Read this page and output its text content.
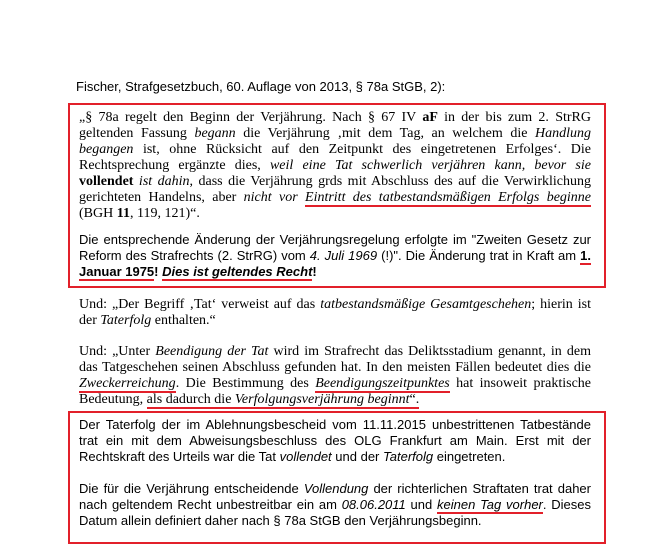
Fischer, Strafgesetzbuch, 60. Auflage von 2013, § 78a StGB, 2):
„§ 78a regelt den Beginn der Verjährung. Nach § 67 IV aF in der bis zum 2. StrRG geltenden Fassung begann die Verjährung ‚mit dem Tag, an welchem die Handlung begangen ist, ohne Rücksicht auf den Zeitpunkt des eingetretenen Erfolges‘. Die Rechtsprechung ergänzte dies, weil eine Tat schwerlich verjähren kann, bevor sie vollendet ist dahin, dass die Verjährung grds mit Abschluss des auf die Verwirklichung gerichteten Handelns, aber nicht vor Eintritt des tatbestandsmäßigen Erfolgs beginne (BGH 11, 119, 121)“.
Die entsprechende Änderung der Verjährungsregelung erfolgte im "Zweiten Gesetz zur Reform des Strafrechts (2. StrRG) vom 4. Juli 1969 (!)". Die Änderung trat in Kraft am 1. Januar 1975! Dies ist geltendes Recht!
Und: „Der Begriff ‚Tat‘ verweist auf das tatbestandsmäßige Gesamtgeschehen; hierin ist der Taterfolg enthalten.“
Und: „Unter Beendigung der Tat wird im Strafrecht das Deliktsstadium genannt, in dem das Tatgeschehen seinen Abschluss gefunden hat. In den meisten Fällen bedeutet dies die Zweckerreichung. Die Bestimmung des Beendigungszeitpunktes hat insoweit praktische Bedeutung, als dadurch die Verfolgungsverjährung beginnt“.
Der Taterfolg der im Ablehnungsbescheid vom 11.11.2015 unbestrittenen Tatbestände trat ein mit dem Abweisungsbeschluss des OLG Frankfurt am Main. Erst mit der Rechtskraft des Urteils war die Tat vollendet und der Taterfolg eingetreten.
Die für die Verjährung entscheidende Vollendung der richterlichen Straftaten trat daher nach geltendem Recht unbestreitbar ein am 08.06.2011 und keinen Tag vorher. Dieses Datum allein definiert daher nach § 78a StGB den Verjährungsbeginn.
